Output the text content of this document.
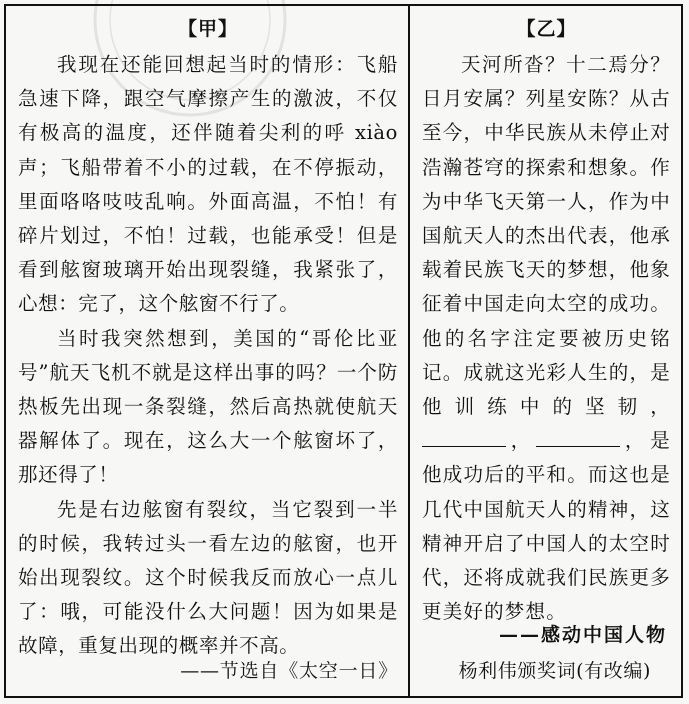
【甲】

我现在还能回想起当时的情形：飞船急速下降，跟空气摩擦产生的激波，不仅有极高的温度，还伴随着尖利的呼 xiào 声；飞船带着不小的过载，在不停振动，里面咯咯吱吱乱响。外面高温，不怕！有碎片划过，不怕！过载，也能承受！但是看到舷窗玻璃开始出现裂缝，我紧张了，心想：完了，这个舷窗不行了。

当时我突然想到，美国的“哥伦比亚号”航天飞机不就是这样出事的吗？一个防热板先出现一条裂缝，然后高热就使航天器解体了。现在，这么大一个舷窗坏了，那还得了！

先是右边舷窗有裂纹，当它裂到一半的时候，我转过头一看左边的舷窗，也开始出现裂纹。这个时候我反而放心一点儿了：哦，可能没什么大问题！因为如果是故障，重复出现的概率并不高。

——节选自《太空一日》
【乙】

天河所沓？十二焉分？日月安属？列星安陈？从古至今，中华民族从未停止对浩瀚苍穹的探索和想象。作为中华飞天第一人，作为中国航天人的杰出代表，他承载着民族飞天的梦想，他象征着中国走向太空的成功。他的名字注定要被历史铭记。成就这光彩人生的，是他训练中的坚韧，，	，是他成功后的平和。而这也是几代中国航天人的精神，这精神开启了中国人的太空时代，还将成就我们民族更多更美好的梦想。

——感动中国人物
杨利伟颁奖词(有改编)
